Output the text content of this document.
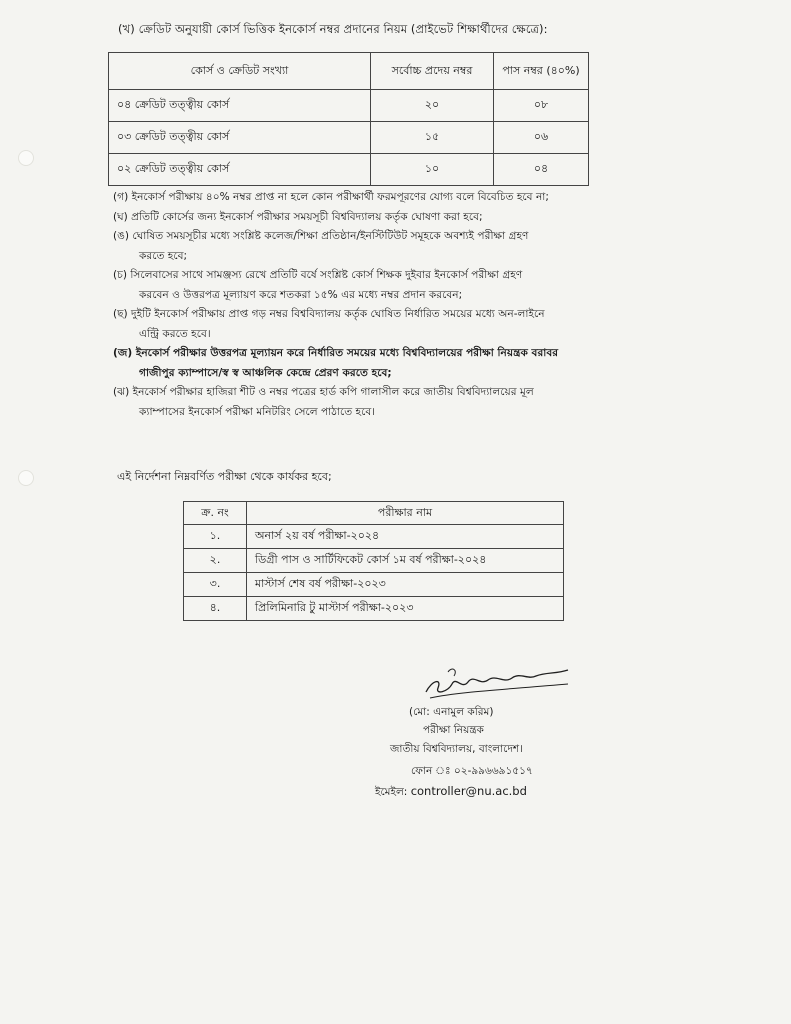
(খ) ক্রেডিট অনুযায়ী কোর্স ভিত্তিক ইনকোর্স নম্বর প্রদানের নিয়ম (প্রাইভেট শিক্ষার্থীদের ক্ষেত্রে):
কোর্স ও ক্রেডিট সংখ্যা	সর্বোচ্চ প্রদেয় নম্বর	পাস নম্বর (৪০%)
০৪ ক্রেডিট তত্ত্বীয় কোর্স	২০	০৮
০৩ ক্রেডিট তত্ত্বীয় কোর্স	১৫	০৬
০২ ক্রেডিট তত্ত্বীয় কোর্স	১০	০৪

(গ) ইনকোর্স পরীক্ষায় ৪০% নম্বর প্রাপ্ত না হলে কোন পরীক্ষার্থী ফরমপূরণের যোগ্য বলে বিবেচিত হবে না;

(ঘ) প্রতিটি কোর্সের জন্য ইনকোর্স পরীক্ষার সময়সূচী বিশ্ববিদ্যালয় কর্তৃক ঘোষণা করা হবে;

(ঙ) ঘোষিত সময়সূচীর মধ্যে সংশ্লিষ্ট কলেজ/শিক্ষা প্রতিষ্ঠান/ইনস্টিটিউট সমূহকে অবশ্যই পরীক্ষা গ্রহণ
করতে হবে;

(চ) সিলেবাসের সাথে সামঞ্জস্য রেখে প্রতিটি বর্ষে সংশ্লিষ্ট কোর্স শিক্ষক দুইবার ইনকোর্স পরীক্ষা গ্রহণ
করবেন ও উত্তরপত্র মূল্যায়ণ করে শতকরা ১৫% এর মধ্যে নম্বর প্রদান করবেন;

(ছ) দুইটি ইনকোর্স পরীক্ষায় প্রাপ্ত গড় নম্বর বিশ্ববিদ্যালয় কর্তৃক ঘোষিত নির্ধারিত সময়ের মধ্যে অন-লাইনে
এন্ট্রি করতে হবে।

(জ) ইনকোর্স পরীক্ষার উত্তরপত্র মূল্যায়ন করে নির্ধারিত সময়ের মধ্যে বিশ্ববিদ্যালয়ের পরীক্ষা নিয়ন্ত্রক বরাবর
গাজীপুর ক্যাম্পাসে/স্ব স্ব আঞ্চলিক কেন্দ্রে প্রেরণ করতে হবে;

(ঝ) ইনকোর্স পরীক্ষার হাজিরা শীট ও নম্বর পত্রের হার্ড কপি গালাসীল করে জাতীয় বিশ্ববিদ্যালয়ের মূল
ক্যাম্পাসের ইনকোর্স পরীক্ষা মনিটরিং সেলে পাঠাতে হবে।

এই নির্দেশনা নিম্নবর্ণিত পরীক্ষা থেকে কার্যকর হবে;
ক্র. নং	পরীক্ষার নাম
১.	অনার্স ২য় বর্ষ পরীক্ষা-২০২৪
২.	ডিগ্রী পাস ও সার্টিফিকেট কোর্স ১ম বর্ষ পরীক্ষা-২০২৪
৩.	মাস্টার্স শেষ বর্ষ পরীক্ষা-২০২৩
৪.	প্রিলিমিনারি টু মাস্টার্স পরীক্ষা-২০২৩
(মো: এনামুল করিম)
পরীক্ষা নিয়ন্ত্রক
জাতীয় বিশ্ববিদ্যালয়, বাংলাদেশ।
ফোন ঃ ০২-৯৯৬৬৯১৫১৭
ইমেইল: controller@nu.ac.bd
